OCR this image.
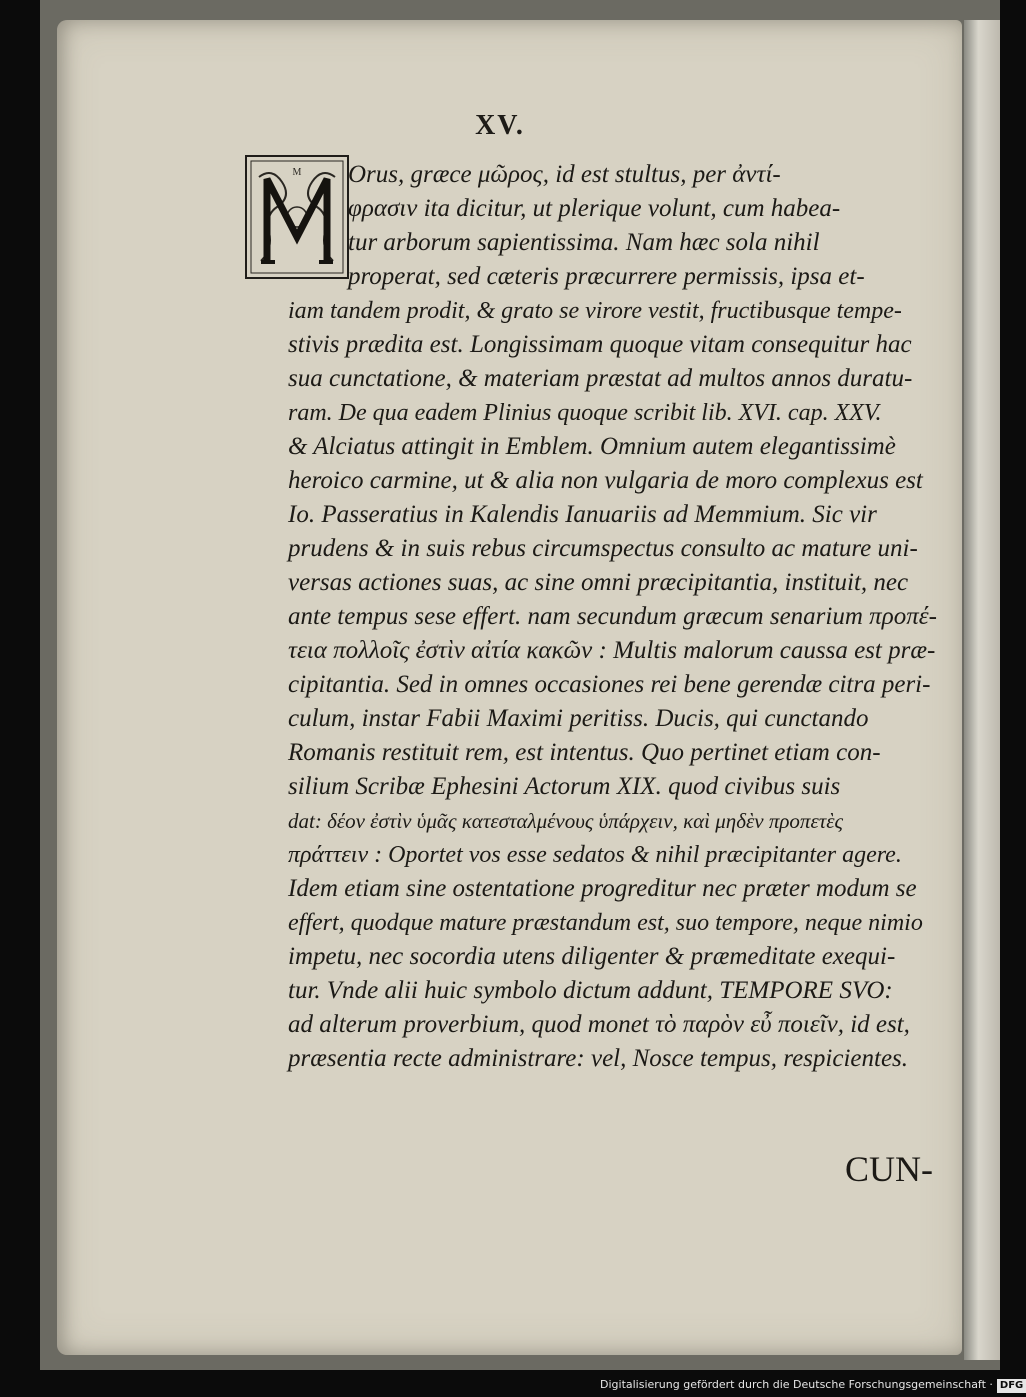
XV.
M Orus, græce μῶρος, id est stultus, per ἀντί-
φρασιν ita dicitur, ut plerique volunt, cum habea-
tur arborum sapientissima. Nam hæc sola nihil
properat, sed cæteris præcurrere permissis, ipsa et-
iam tandem prodit, & grato se virore vestit, fructibusque tempe-
stivis prædita est. Longissimam quoque vitam consequitur hac
sua cunctatione, & materiam præstat ad multos annos duratu-
ram. De qua eadem Plinius quoque scribit lib. XVI. cap. XXV.
& Alciatus attingit in Emblem. Omnium autem elegantissimè
heroico carmine, ut & alia non vulgaria de moro complexus est
Io. Passeratius in Kalendis Ianuariis ad Memmium. Sic vir
prudens & in suis rebus circumspectus consulto ac mature uni-
versas actiones suas, ac sine omni præcipitantia, instituit, nec
ante tempus sese effert. nam secundum græcum senarium προπέ-
τεια πολλοῖς ἐστὶν αἰτία κακῶν : Multis malorum caussa est præ-
cipitantia. Sed in omnes occasiones rei bene gerendæ citra peri-
culum, instar Fabii Maximi peritiss. Ducis, qui cunctando
Romanis restituit rem, est intentus. Quo pertinet etiam con-
silium Scribæ Ephesini Actorum XIX. quod civibus suis
dat: δέον ἐστὶν ὑμᾶς κατεσταλμένους ὑπάρχειν, καὶ μηδὲν προπετὲς
πράττειν : Oportet vos esse sedatos & nihil præcipitanter agere.
Idem etiam sine ostentatione progreditur nec præter modum se
effert, quodque mature præstandum est, suo tempore, neque nimio
impetu, nec socordia utens diligenter & præmeditate exequi-
tur. Vnde alii huic symbolo dictum addunt, TEMPORE SVO:
ad alterum proverbium, quod monet τὸ παρὸν εὖ ποιεῖν, id est,
præsentia recte administrare: vel, Nosce tempus, respicientes.
CUN-
Digitalisierung gefördert durch die Deutsche Forschungsgemeinschaft · DFG
